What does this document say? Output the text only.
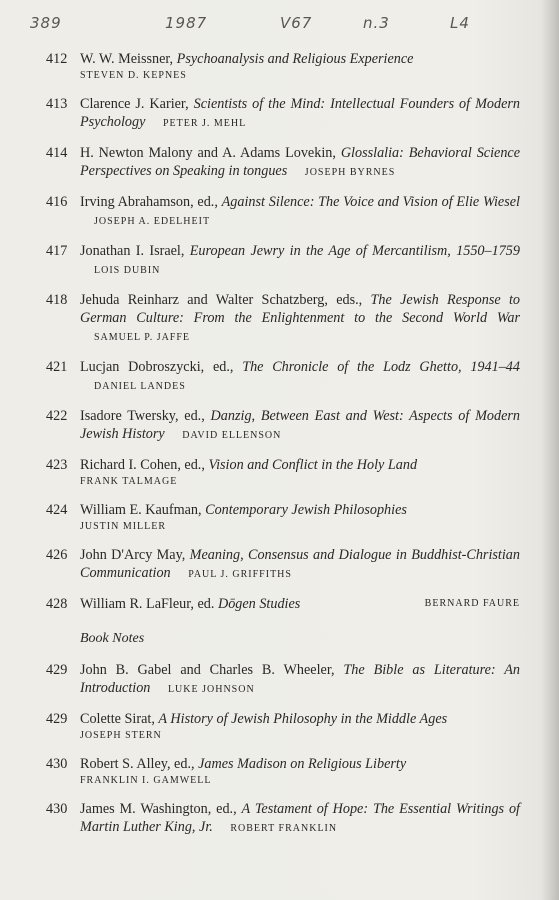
389	1987	V67	n.3	L4
412 W. W. Meissner, Psychoanalysis and Religious Experience
STEVEN D. KEPNES
413 Clarence J. Karier, Scientists of the Mind: Intellectual Founders of Modern Psychology PETER J. MEHL
414 H. Newton Malony and A. Adams Lovekin, Glosslalia: Behavioral Science Perspectives on Speaking in tongues JOSEPH BYRNES
416 Irving Abrahamson, ed., Against Silence: The Voice and Vision of Elie Wiesel JOSEPH A. EDELHEIT
417 Jonathan I. Israel, European Jewry in the Age of Mercantilism, 1550–1759 LOIS DUBIN
418 Jehuda Reinharz and Walter Schatzberg, eds., The Jewish Response to German Culture: From the Enlightenment to the Second World War SAMUEL P. JAFFE
421 Lucjan Dobroszycki, ed., The Chronicle of the Lodz Ghetto, 1941–44 DANIEL LANDES
422 Isadore Twersky, ed., Danzig, Between East and West: Aspects of Modern Jewish History DAVID ELLENSON
423 Richard I. Cohen, ed., Vision and Conflict in the Holy Land
FRANK TALMAGE
424 William E. Kaufman, Contemporary Jewish Philosophies
JUSTIN MILLER
426 John D'Arcy May, Meaning, Consensus and Dialogue in Buddhist-Christian Communication PAUL J. GRIFFITHS
428 William R. LaFleur, ed. Dōgen Studies	BERNARD FAURE
Book Notes
429 John B. Gabel and Charles B. Wheeler, The Bible as Literature: An Introduction LUKE JOHNSON
429 Colette Sirat, A History of Jewish Philosophy in the Middle Ages
JOSEPH STERN
430 Robert S. Alley, ed., James Madison on Religious Liberty
FRANKLIN I. GAMWELL
430 James M. Washington, ed., A Testament of Hope: The Essential Writings of Martin Luther King, Jr. ROBERT FRANKLIN
